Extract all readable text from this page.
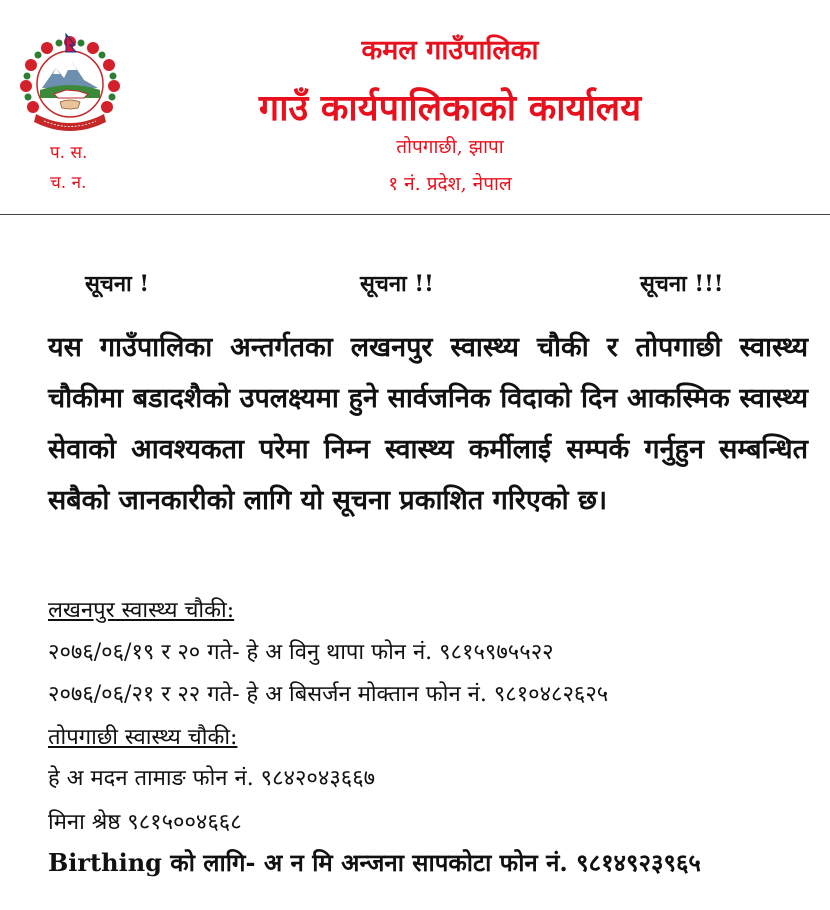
कमल गाउँपालिका
गाउँ कार्यपालिकाको कार्यालय
तोपगाछी, झापा
१ नं. प्रदेश, नेपाल
प. स.
च. न.
सूचना !	सूचना !!	सूचना !!!
यस गाउँपालिका अन्तर्गतका लखनपुर स्वास्थ्य चौकी र तोपगाछी स्वास्थ्य चौकीमा बडादशैको उपलक्ष्यमा हुने सार्वजनिक विदाको दिन आकस्मिक स्वास्थ्य सेवाको आवश्यकता परेमा निम्न स्वास्थ्य कर्मीलाई सम्पर्क गर्नुहुन सम्बन्धित सबैको जानकारीको लागि यो सूचना प्रकाशित गरिएको छ।
लखनपुर स्वास्थ्य चौकी:
२०७६/०६/१९ र २० गते- हे अ विनु थापा फोन नं. ९८१५९७५५२२
२०७६/०६/२१ र २२ गते- हे अ बिसर्जन मोक्तान फोन नं. ९८१०४८२६२५
तोपगाछी स्वास्थ्य चौकी:
हे अ मदन तामाङ फोन नं. ९८४२०४३६६७
मिना श्रेष्ठ ९८१५००४६६८
Birthing को लागि- अ न मि अन्जना सापकोटा फोन नं. ९८१४९२३९६५
